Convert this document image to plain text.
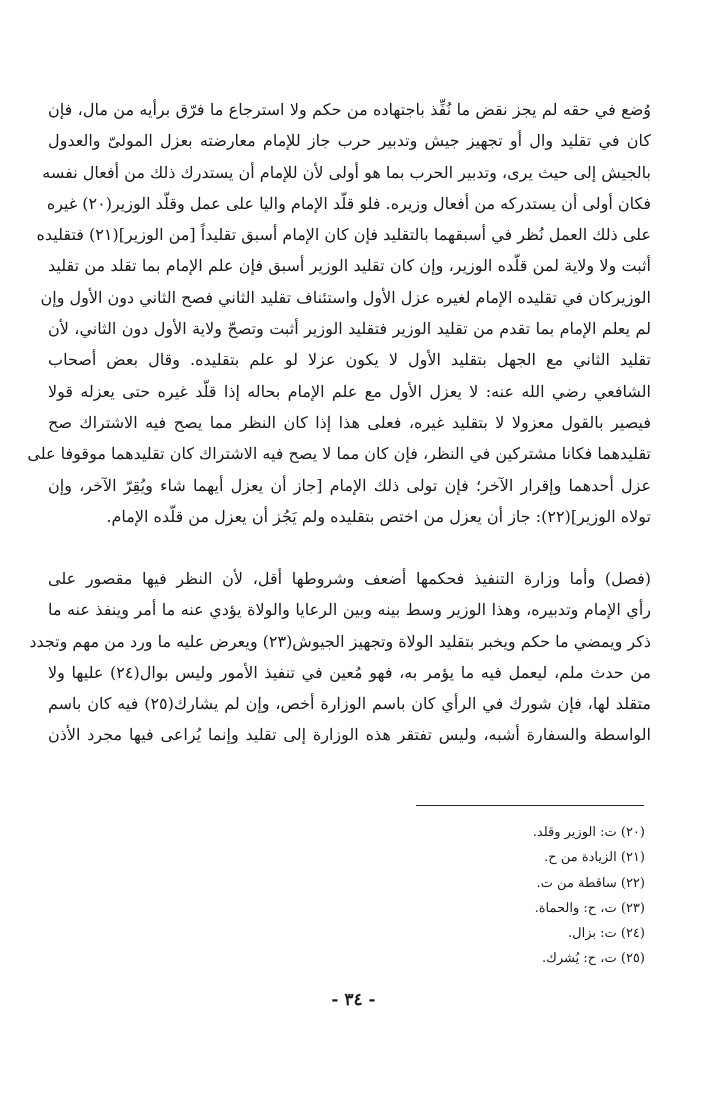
وُضع في حقه لم يجز نقض ما نُفِّذ باجتهاده من حكم ولا استرجاع ما فرّق برأيه من مال، فإن
كان في تقليد وال أو تجهيز جيش وتدبير حرب جاز للإمام معارضته بعزل المولىّ والعدول
بالجيش إلى حيث يرى، وتدبير الحرب بما هو أولى لأن للإمام أن يستدرك ذلك من أفعال نفسه
فكان أولى أن يستدركه من أفعال وزيره. فلو قلّد الإمام واليا على عمل وقلّد الوزير(٢٠) غيره
على ذلك العمل نُظر في أسبقهما بالتقليد فإن كان الإمام أسبق تقليداً [من الوزير](٢١) فتقليده
أثبت ولا ولاية لمن قلّده الوزير، وإن كان تقليد الوزير أسبق فإن علم الإمام بما تقلد من تقليد
الوزيركان في تقليده الإمام لغيره عزل الأول واستئناف تقليد الثاني فصح الثاني دون الأول وإن
لم يعلم الإمام بما تقدم من تقليد الوزير فتقليد الوزير أثبت وتصحّ ولاية الأول دون الثاني، لأن
تقليد الثاني مع الجهل بتقليد الأول لا يكون عزلا لو علم بتقليده. وقال بعض أصحاب
الشافعي رضي الله عنه: لا يعزل الأول مع علم الإمام بحاله إذا قلّد غيره حتى يعزله قولا
فيصير بالقول معزولا لا بتقليد غيره، فعلى هذا إذا كان النظر مما يصح فيه الاشتراك صح
تقليدهما فكانا مشتركين في النظر، فإن كان مما لا يصح فيه الاشتراك كان تقليدهما موقوفا على
عزل أحدهما وإقرار الآخر؛ فإن تولى ذلك الإمام [جاز أن يعزل أيهما شاء ويُقِرّ الآخر، وإن
تولاه الوزير](٢٢): جاز أن يعزل من اختص بتقليده ولم يَجُز أن يعزل من قلّده الإمام.
(فصل) وأما وزارة التنفيذ فحكمها أضعف وشروطها أقل، لأن النظر فيها مقصور على
رأي الإمام وتدبيره، وهذا الوزير وسط بينه وبين الرعايا والولاة يؤدي عنه ما أمر وينفذ عنه ما
ذكر ويمضي ما حكم ويخبر بتقليد الولاة وتجهيز الجيوش(٢٣) ويعرض عليه ما ورد من مهم وتجدد
من حدث ملم، ليعمل فيه ما يؤمر به، فهو مُعين في تنفيذ الأمور وليس بوال(٢٤) عليها ولا
متقلد لها، فإن شورك في الرأي كان باسم الوزارة أخص، وإن لم يشارك(٢٥) فيه كان باسم
الواسطة والسفارة أشبه، وليس تفتقر هذه الوزارة إلى تقليد وإنما يُراعى فيها مجرد الأذن
(٢٠) ت: الوزير وقلد.
(٢١) الزيادة من ح.
(٢٢) ساقطة من ت.
(٢٣) ت، ح: والحماة.
(٢٤) ت: بزال.
(٢٥) ت، ح: يُشرك.
- ٣٤ -
